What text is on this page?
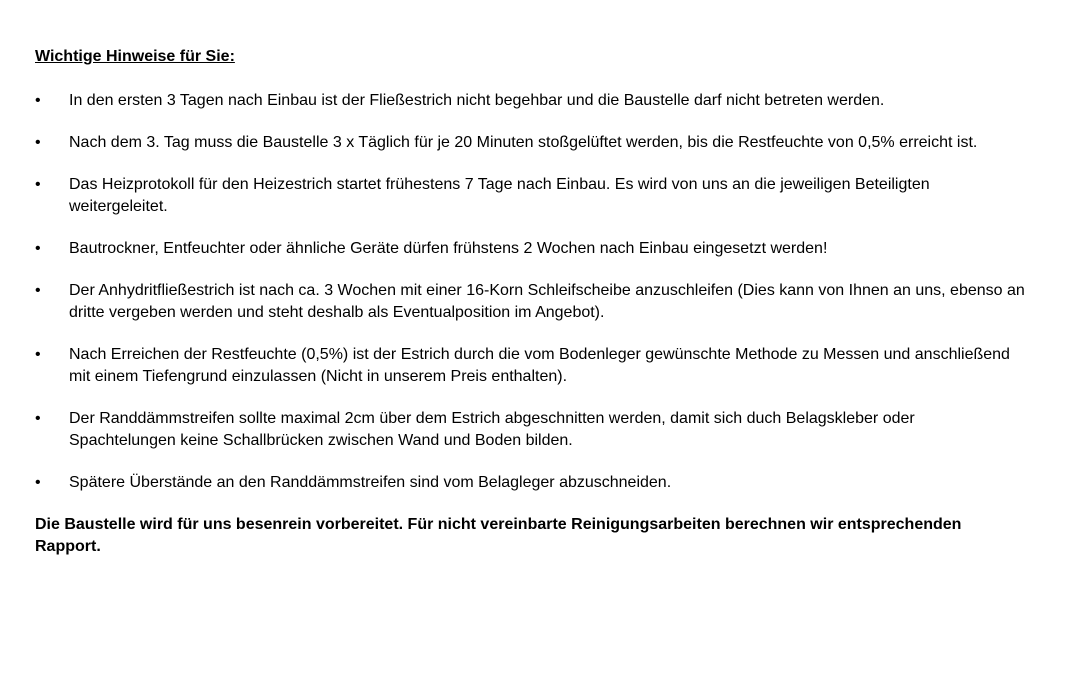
Wichtige Hinweise für Sie:
•	In den ersten 3 Tagen nach Einbau ist der Fließestrich nicht begehbar und die Baustelle darf nicht betreten werden.
•	Nach dem 3. Tag muss die Baustelle 3 x Täglich für je 20 Minuten stoßgelüftet werden, bis die Restfeuchte von 0,5% erreicht ist.
•	Das Heizprotokoll für den Heizestrich startet frühestens 7 Tage nach Einbau. Es wird von uns an die jeweiligen Beteiligten weitergeleitet.
•	Bautrockner, Entfeuchter oder ähnliche Geräte dürfen frühstens 2 Wochen nach Einbau eingesetzt werden!
•	Der Anhydritfließestrich ist nach ca. 3 Wochen mit einer 16-Korn Schleifscheibe anzuschleifen (Dies kann von Ihnen an uns, ebenso an dritte vergeben werden und steht deshalb als Eventualposition im Angebot).
•	Nach Erreichen der Restfeuchte (0,5%) ist der Estrich durch die vom Bodenleger gewünschte Methode zu Messen und anschließend mit einem Tiefengrund einzulassen (Nicht in unserem Preis enthalten).
•	Der Randdämmstreifen sollte maximal 2cm über dem Estrich abgeschnitten werden, damit sich duch Belagskleber oder Spachtelungen keine Schallbrücken zwischen Wand und Boden bilden.
•	Spätere Überstände an den Randdämmstreifen sind vom Belagleger abzuschneiden.
Die Baustelle wird für uns besenrein vorbereitet. Für nicht vereinbarte Reinigungsarbeiten berechnen wir entsprechenden Rapport.
